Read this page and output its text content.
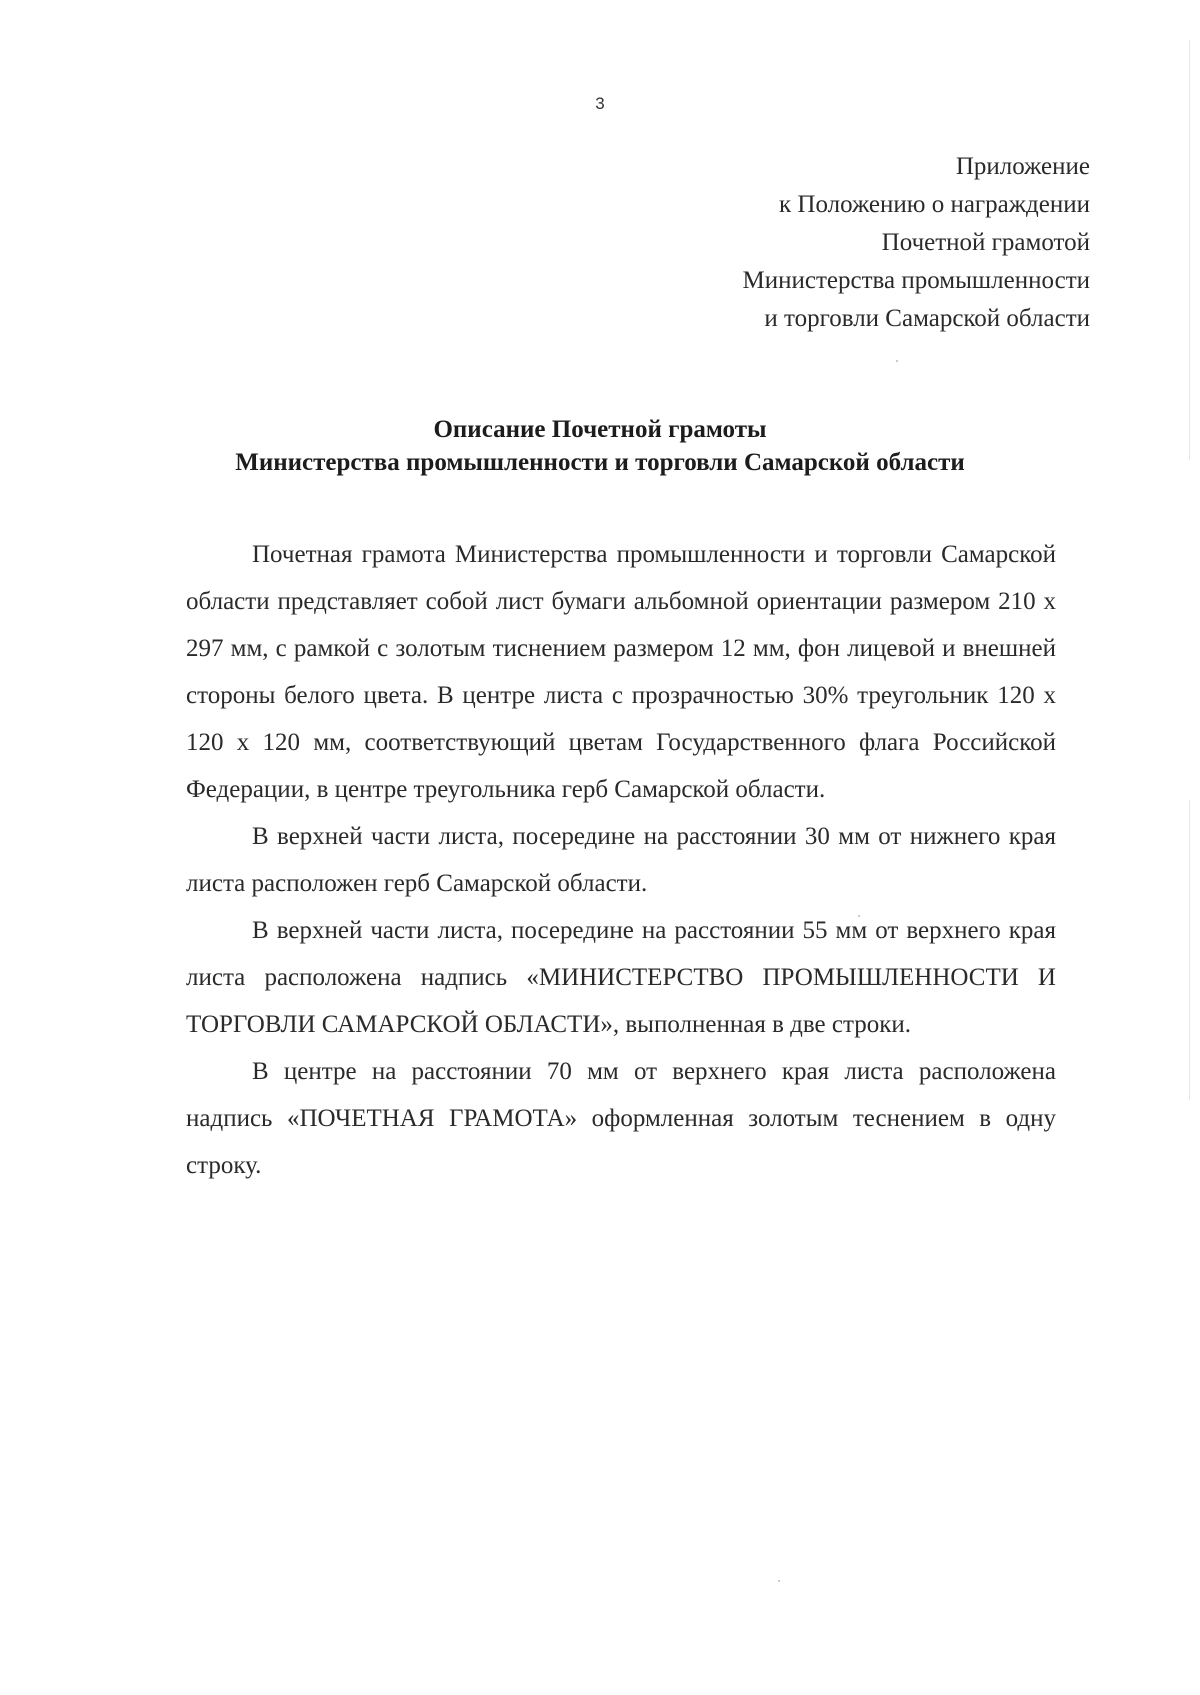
3
Приложение
к Положению о награждении
Почетной грамотой
Министерства промышленности
и торговли Самарской области
Описание Почетной грамоты
Министерства промышленности и торговли Самарской области

Почетная грамота Министерства промышленности и торговли Самарской области представляет собой лист бумаги альбомной ориентации размером 210 х 297 мм, с рамкой с золотым тиснением размером 12 мм, фон лицевой и внешней стороны белого цвета. В центре листа с прозрачностью 30% треугольник 120 х 120 х 120 мм, соответствующий цветам Государственного флага Российской Федерации, в центре треугольника герб Самарской области.

В верхней части листа, посередине на расстоянии 30 мм от нижнего края листа расположен герб Самарской области.

В верхней части листа, посередине на расстоянии 55 мм от верхнего края листа расположена надпись «МИНИСТЕРСТВО ПРОМЫШЛЕННОСТИ И ТОРГОВЛИ САМАРСКОЙ ОБЛАСТИ», выполненная в две строки.

В центре на расстоянии 70 мм от верхнего края листа расположена надпись «ПОЧЕТНАЯ ГРАМОТА» оформленная золотым теснением в одну строку.
